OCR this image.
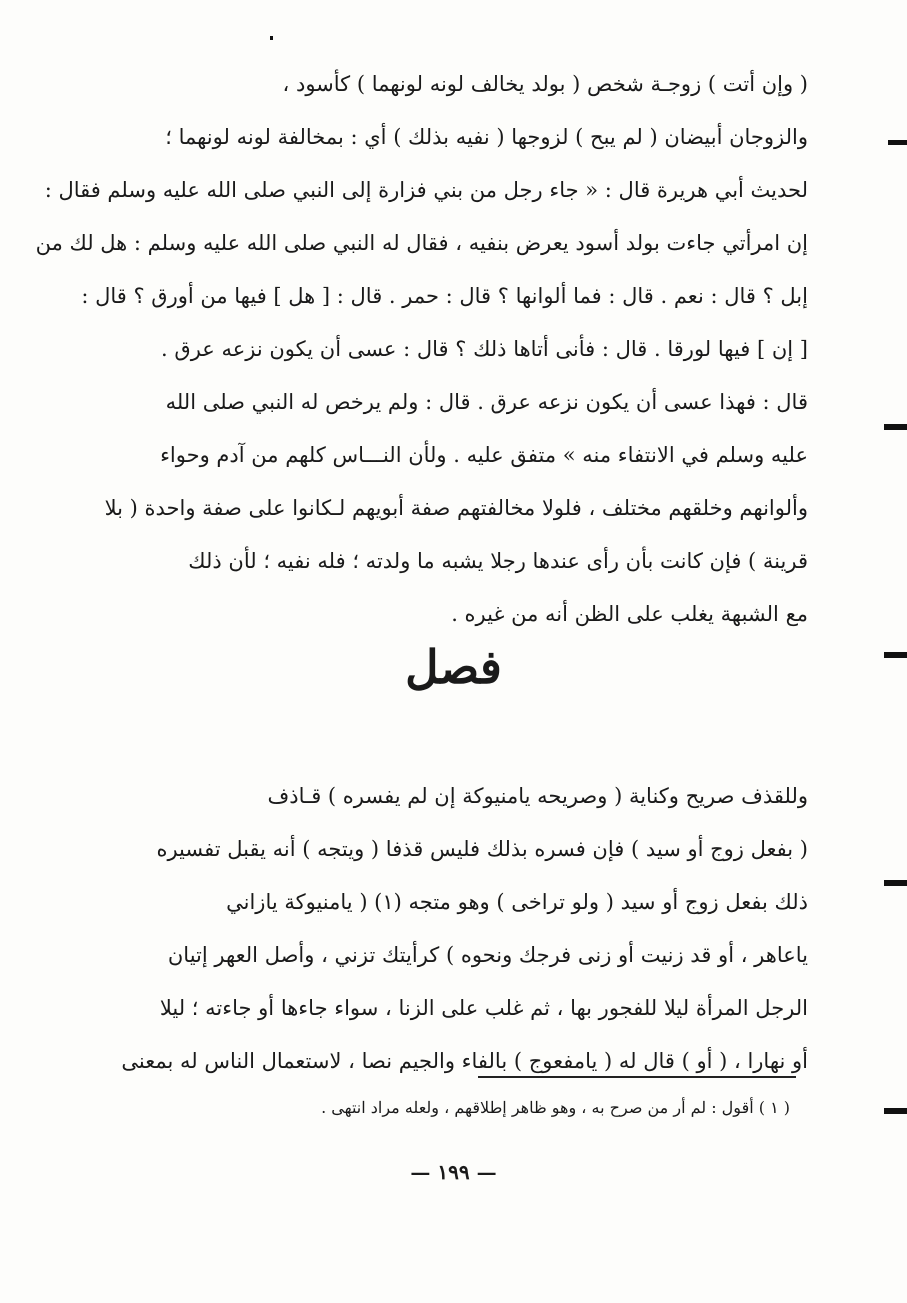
( وإن أتت ) زوجـة شخص ( بولد يخالف لونه لونهما ) كأسود ،
والزوجان أبيضان ( لم يبح ) لزوجها ( نفيه بذلك ) أي : بمخالفة لونه لونهما ؛
لحديث أبي هريرة قال : « جاء رجل من بني فزارة إلى النبي صلى الله عليه وسلم فقال :
إن امرأتي جاءت بولد أسود يعرض بنفيه ، فقال له النبي صلى الله عليه وسلم : هل لك من
إبل ؟ قال : نعم . قال : فما ألوانها ؟ قال : حمر . قال : [ هل ] فيها من أورق ؟ قال :
[ إن ] فيها لورقا . قال : فأنى أتاها ذلك ؟ قال : عسى أن يكون نزعه عرق .
قال : فهذا عسى أن يكون نزعه عرق . قال : ولم يرخص له النبي صلى الله
عليه وسلم في الانتفاء منه » متفق عليه . ولأن النـــاس كلهم من آدم وحواء
وألوانهم وخلقهم مختلف ، فلولا مخالفتهم صفة أبويهم لـكانوا على صفة واحدة ( بلا
قرينة ) فإن كانت بأن رأى عندها رجلا يشبه ما ولدته ؛ فله نفيه ؛ لأن ذلك
مع الشبهة يغلب على الظن أنه من غيره .
فصل
وللقذف صريح وكناية ( وصريحه يامنيوكة إن لم يفسره ) قـاذف
( بفعل زوج أو سيد ) فإن فسره بذلك فليس قذفا ( ويتجه ) أنه يقبل تفسيره
ذلك بفعل زوج أو سيد ( ولو تراخى ) وهو متجه (١) ( يامنيوكة يازاني
ياعاهر ، أو قد زنيت أو زنى فرجك ونحوه ) كرأيتك تزني ، وأصل العهر إتيان
الرجل المرأة ليلا للفجور بها ، ثم غلب على الزنا ، سواء جاءها أو جاءته ؛ ليلا
أو نهارا ، ( أو ) قال له ( يامفعوج ) بالفاء والجيم نصا ، لاستعمال الناس له بمعنى
( ١ ) أقول : لم أر من صرح به ، وهو ظاهر إطلاقهم ، ولعله مراد انتهى .
— ١٩٩ —
